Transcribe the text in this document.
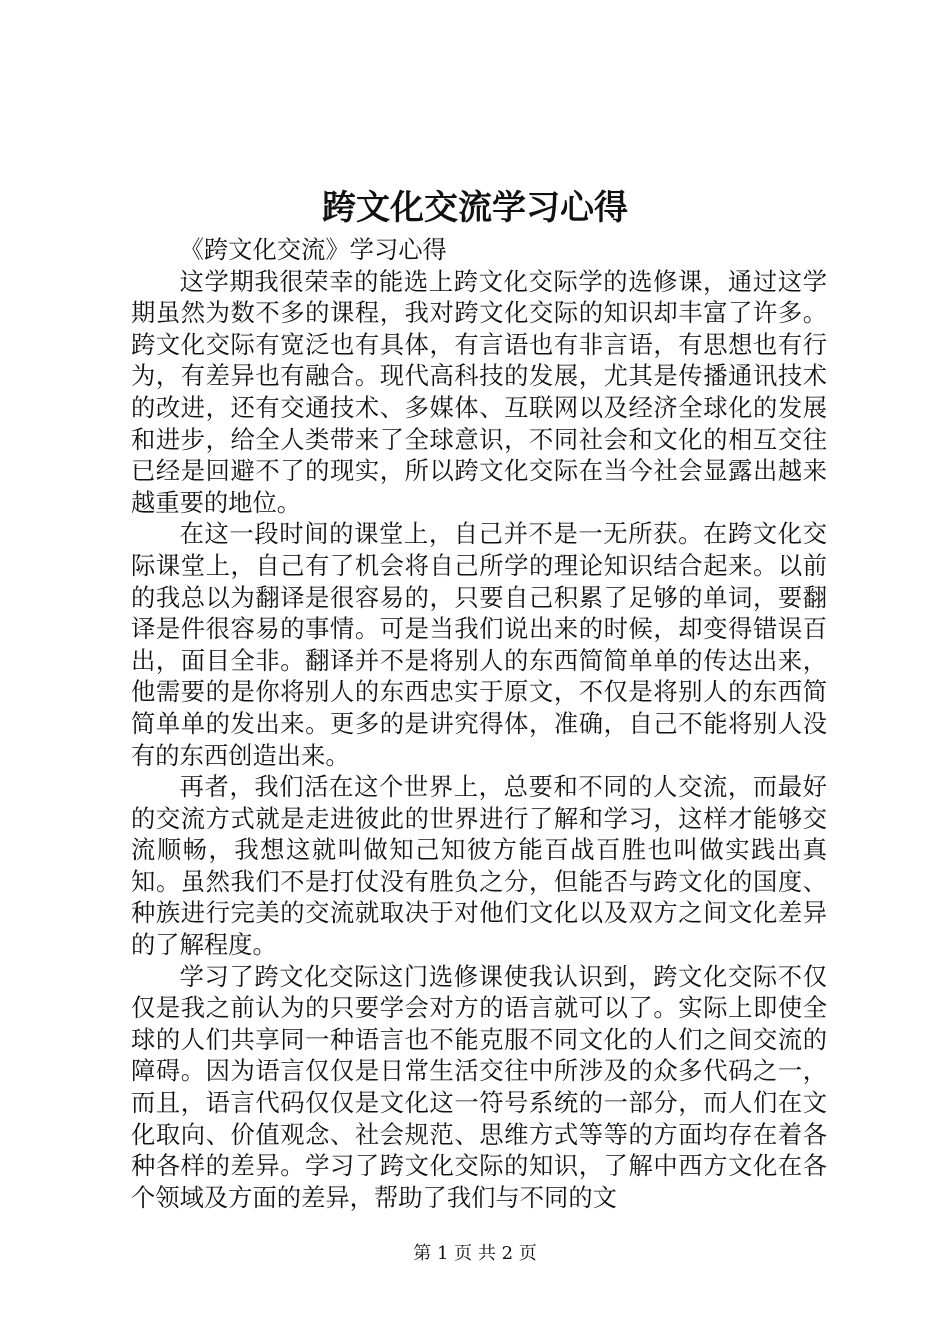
跨文化交流学习心得

《跨文化交流》学习心得

这学期我很荣幸的能选上跨文化交际学的选修课，通过这学期虽然为数不多的课程，我对跨文化交际的知识却丰富了许多。跨文化交际有宽泛也有具体，有言语也有非言语，有思想也有行为，有差异也有融合。现代高科技的发展，尤其是传播通讯技术的改进，还有交通技术、多媒体、互联网以及经济全球化的发展和进步，给全人类带来了全球意识，不同社会和文化的相互交往已经是回避不了的现实，所以跨文化交际在当今社会显露出越来越重要的地位。

在这一段时间的课堂上，自己并不是一无所获。在跨文化交际课堂上，自己有了机会将自己所学的理论知识结合起来。以前的我总以为翻译是很容易的，只要自己积累了足够的单词，要翻译是件很容易的事情。可是当我们说出来的时候，却变得错误百出，面目全非。翻译并不是将别人的东西简简单单的传达出来，他需要的是你将别人的东西忠实于原文，不仅是将别人的东西简简单单的发出来。更多的是讲究得体，准确，自己不能将别人没有的东西创造出来。

再者，我们活在这个世界上，总要和不同的人交流，而最好的交流方式就是走进彼此的世界进行了解和学习，这样才能够交流顺畅，我想这就叫做知己知彼方能百战百胜也叫做实践出真知。虽然我们不是打仗没有胜负之分，但能否与跨文化的国度、种族进行完美的交流就取决于对他们文化以及双方之间文化差异的了解程度。

学习了跨文化交际这门选修课使我认识到，跨文化交际不仅仅是我之前认为的只要学会对方的语言就可以了。实际上即使全球的人们共享同一种语言也不能克服不同文化的人们之间交流的障碍。因为语言仅仅是日常生活交往中所涉及的众多代码之一，而且，语言代码仅仅是文化这一符号系统的一部分，而人们在文化取向、价值观念、社会规范、思维方式等等的方面均存在着各种各样的差异。学习了跨文化交际的知识，了解中西方文化在各个领域及方面的差异，帮助了我们与不同的文

第 1 页 共 2 页
